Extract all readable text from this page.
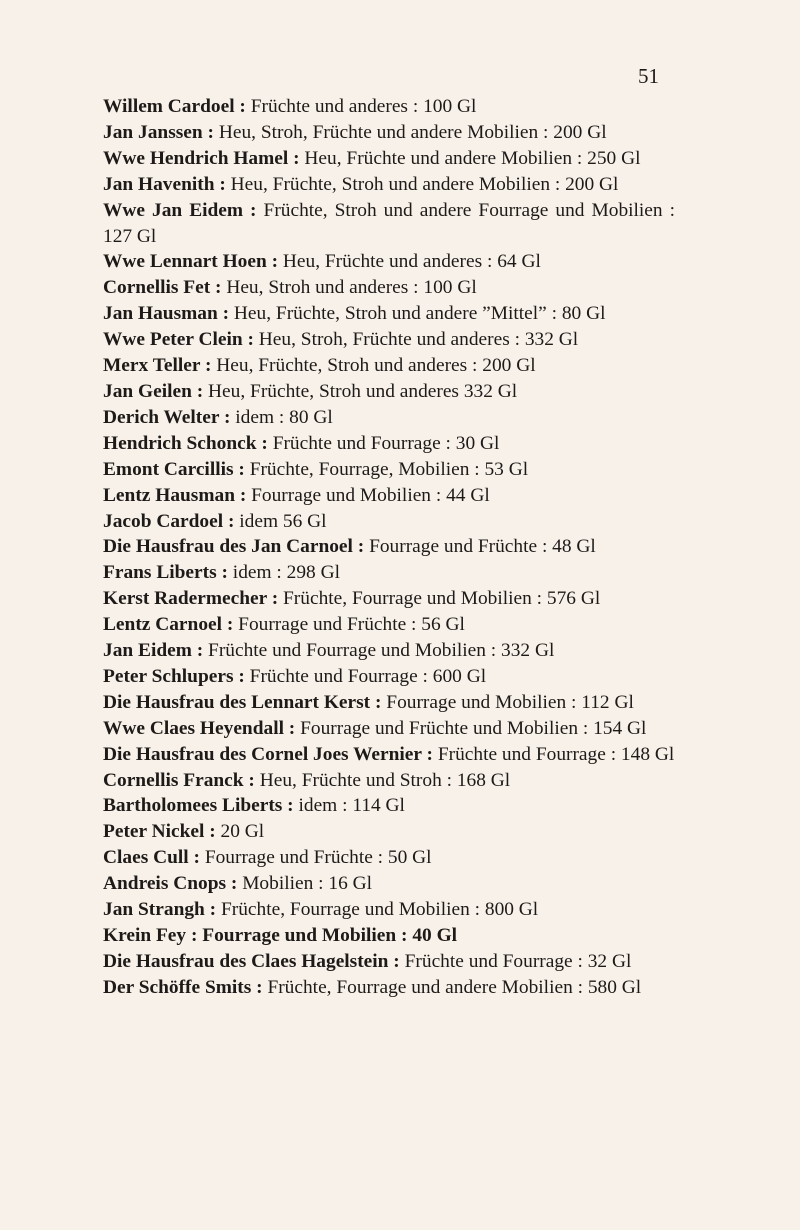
51

Willem Cardoel : Früchte und anderes : 100 Gl

Jan Janssen : Heu, Stroh, Früchte und andere Mobilien : 200 Gl

Wwe Hendrich Hamel : Heu, Früchte und andere Mobilien : 250 Gl

Jan Havenith : Heu, Früchte, Stroh und andere Mobilien : 200 Gl

Wwe Jan Eidem : Früchte, Stroh und andere Fourrage und Mobilien : 127 Gl

Wwe Lennart Hoen : Heu, Früchte und anderes : 64 Gl

Cornellis Fet : Heu, Stroh und anderes : 100 Gl

Jan Hausman : Heu, Früchte, Stroh und andere ”Mittel” : 80 Gl

Wwe Peter Clein : Heu, Stroh, Früchte und anderes : 332 Gl

Merx Teller : Heu, Früchte, Stroh und anderes : 200 Gl

Jan Geilen : Heu, Früchte, Stroh und anderes 332 Gl

Derich Welter : idem : 80 Gl

Hendrich Schonck : Früchte und Fourrage : 30 Gl

Emont Carcillis : Früchte, Fourrage, Mobilien : 53 Gl

Lentz Hausman : Fourrage und Mobilien : 44 Gl

Jacob Cardoel : idem 56 Gl

Die Hausfrau des Jan Carnoel : Fourrage und Früchte : 48 Gl

Frans Liberts : idem : 298 Gl

Kerst Radermecher : Früchte, Fourrage und Mobilien : 576 Gl

Lentz Carnoel : Fourrage und Früchte : 56 Gl

Jan Eidem : Früchte und Fourrage und Mobilien : 332 Gl

Peter Schlupers : Früchte und Fourrage : 600 Gl

Die Hausfrau des Lennart Kerst : Fourrage und Mobilien : 112 Gl

Wwe Claes Heyendall : Fourrage und Früchte und Mobilien : 154 Gl

Die Hausfrau des Cornel Joes Wernier : Früchte und Fourrage : 148 Gl

Cornellis Franck : Heu, Früchte und Stroh : 168 Gl

Bartholomees Liberts : idem : 114 Gl

Peter Nickel : 20 Gl

Claes Cull : Fourrage und Früchte : 50 Gl

Andreis Cnops : Mobilien : 16 Gl

Jan Strangh : Früchte, Fourrage und Mobilien : 800 Gl

Krein Fey : Fourrage und Mobilien : 40 Gl

Die Hausfrau des Claes Hagelstein : Früchte und Fourrage : 32 Gl

Der Schöffe Smits : Früchte, Fourrage und andere Mobilien : 580 Gl
